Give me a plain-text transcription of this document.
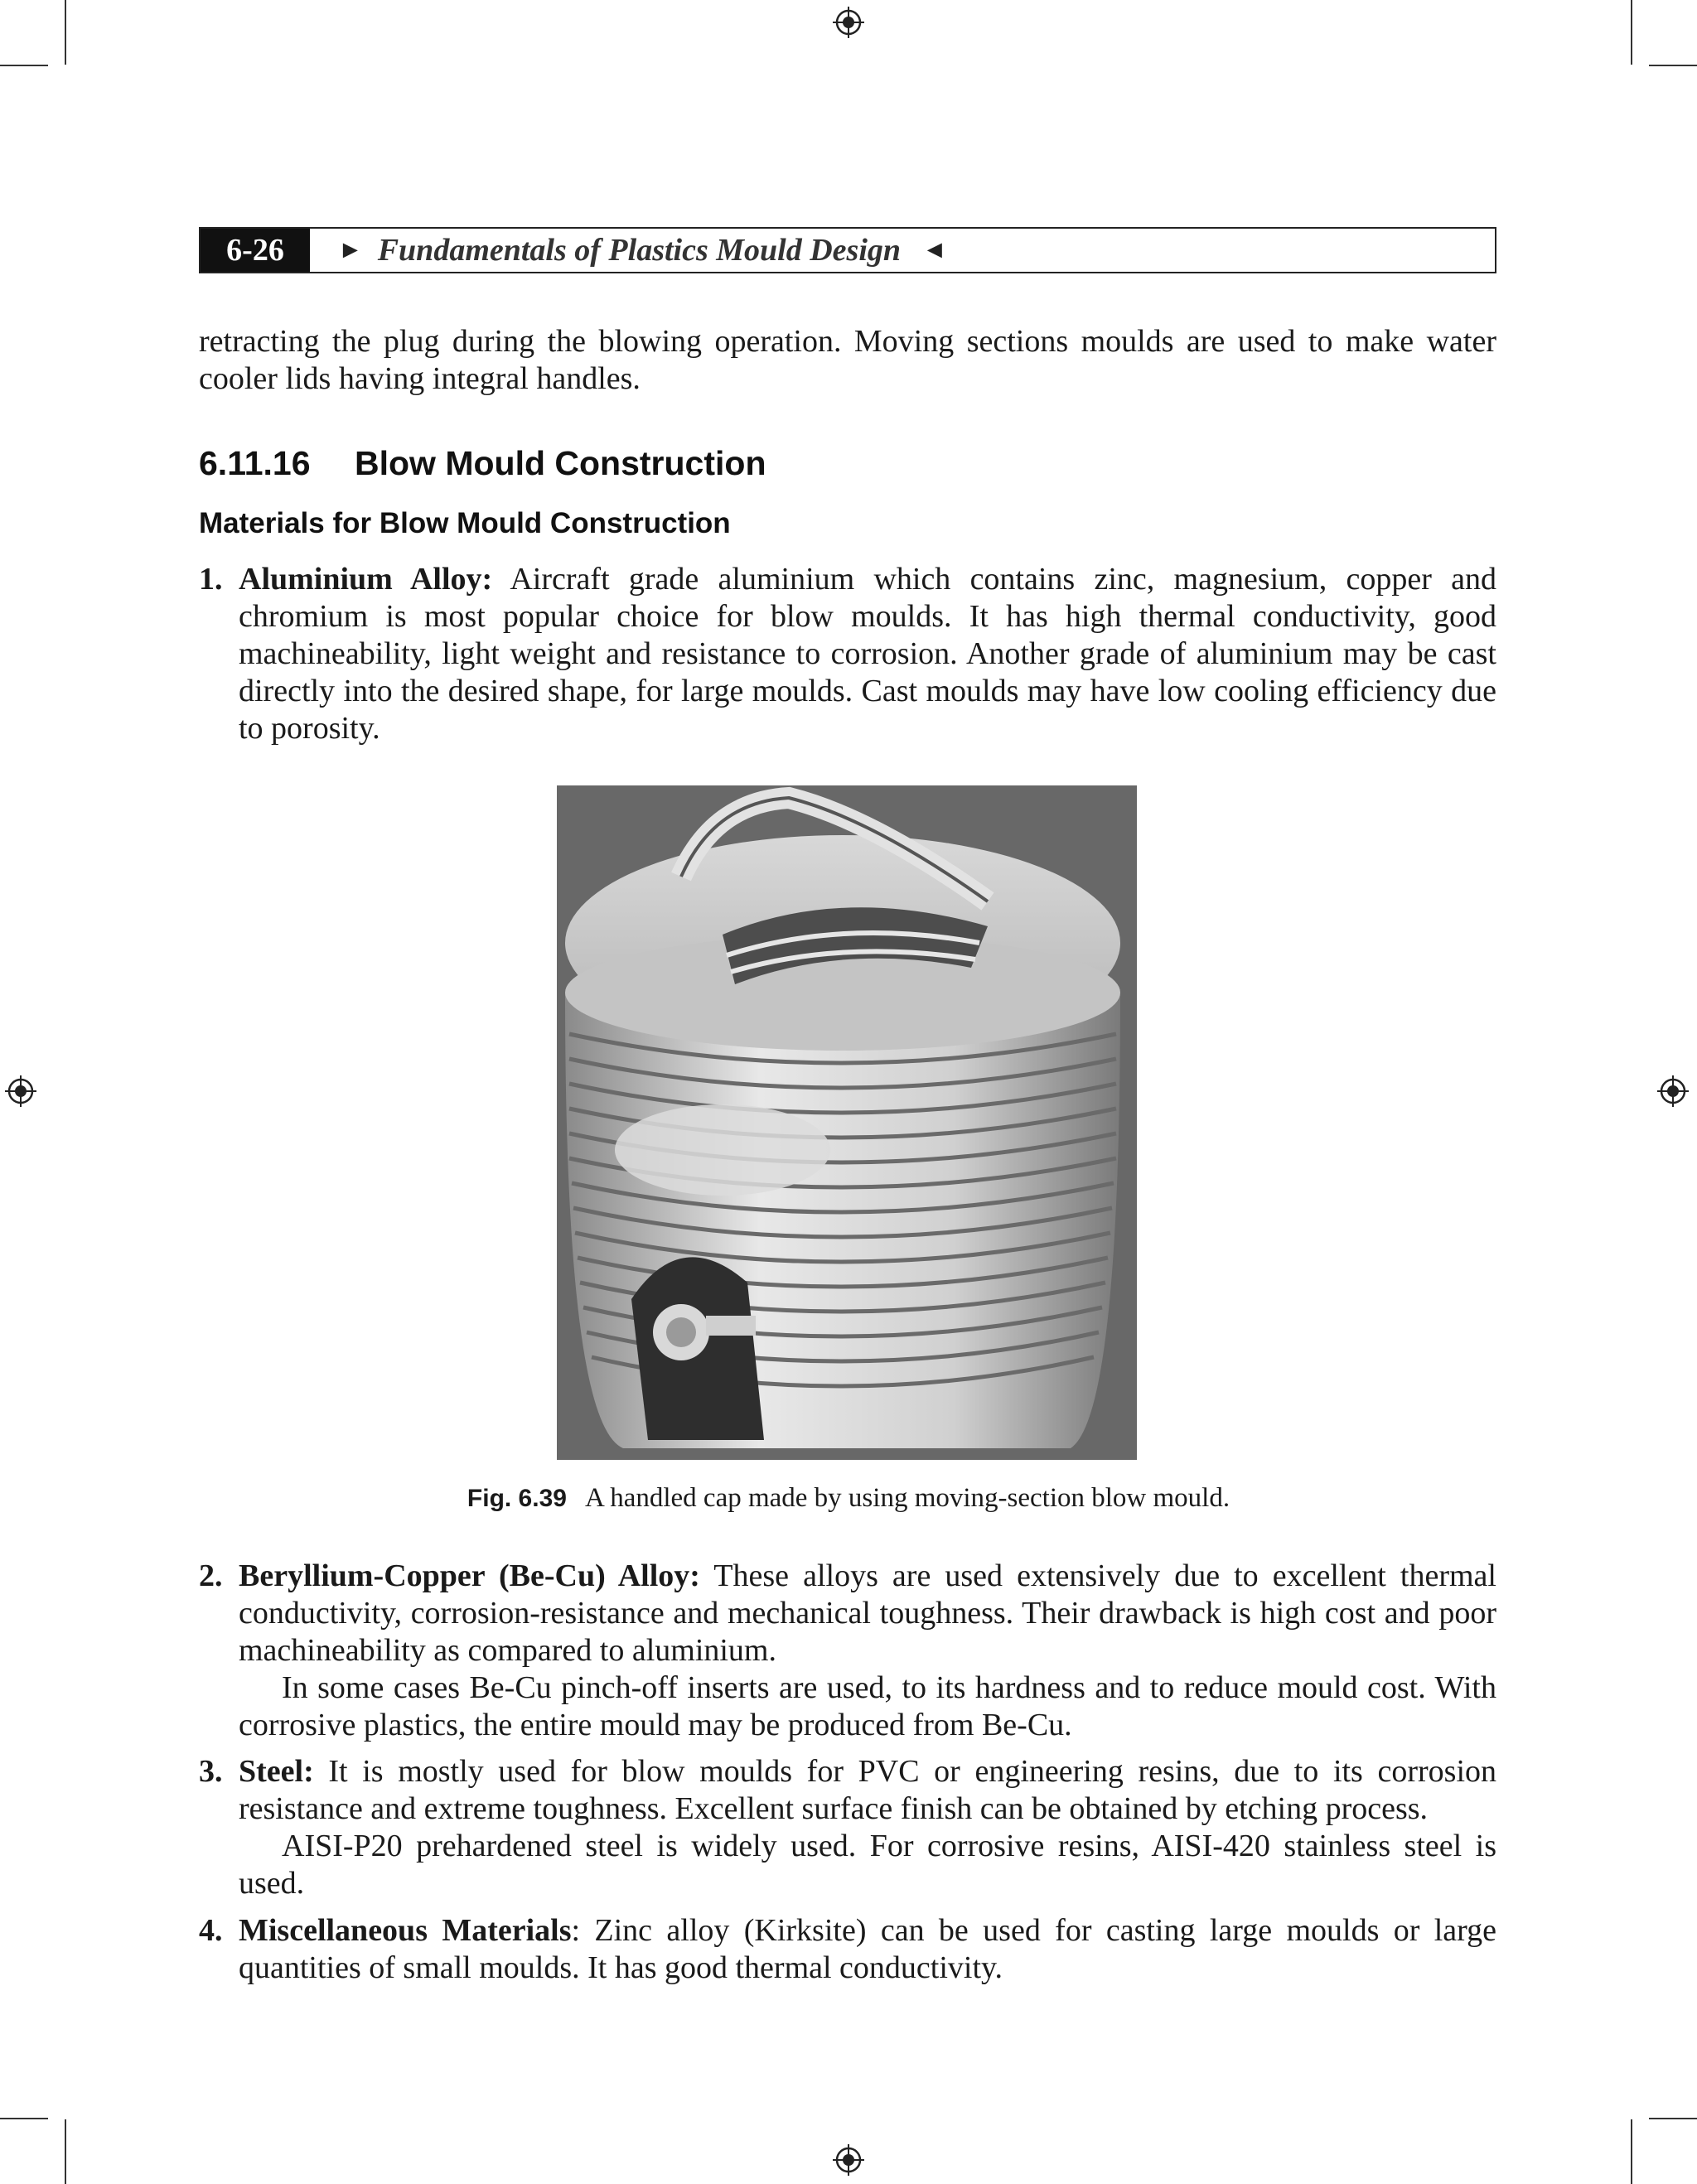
6-26	► Fundamentals of Plastics Mould Design ◄

retracting the plug during the blowing operation. Moving sections moulds are used to make water cooler lids having integral handles.

6.11.16 Blow Mould Construction
Materials for Blow Mould Construction
1. Aluminium Alloy: Aircraft grade aluminium which contains zinc, magnesium, copper and chromium is most popular choice for blow moulds. It has high thermal conductivity, good machineability, light weight and resistance to corrosion. Another grade of aluminium may be cast directly into the desired shape, for large moulds. Cast moulds may have low cooling efficiency due to porosity.
Fig. 6.39 A handled cap made by using moving-section blow mould.
2. Beryllium-Copper (Be-Cu) Alloy: These alloys are used extensively due to excellent thermal conductivity, corrosion-resistance and mechanical toughness. Their drawback is high cost and poor machineability as compared to aluminium.
In some cases Be-Cu pinch-off inserts are used, to its hardness and to reduce mould cost. With corrosive plastics, the entire mould may be produced from Be-Cu.
3. Steel: It is mostly used for blow moulds for PVC or engineering resins, due to its corrosion resistance and extreme toughness. Excellent surface finish can be obtained by etching process.
AISI-P20 prehardened steel is widely used. For corrosive resins, AISI-420 stainless steel is used.
4. Miscellaneous Materials: Zinc alloy (Kirksite) can be used for casting large moulds or large quantities of small moulds. It has good thermal conductivity.
